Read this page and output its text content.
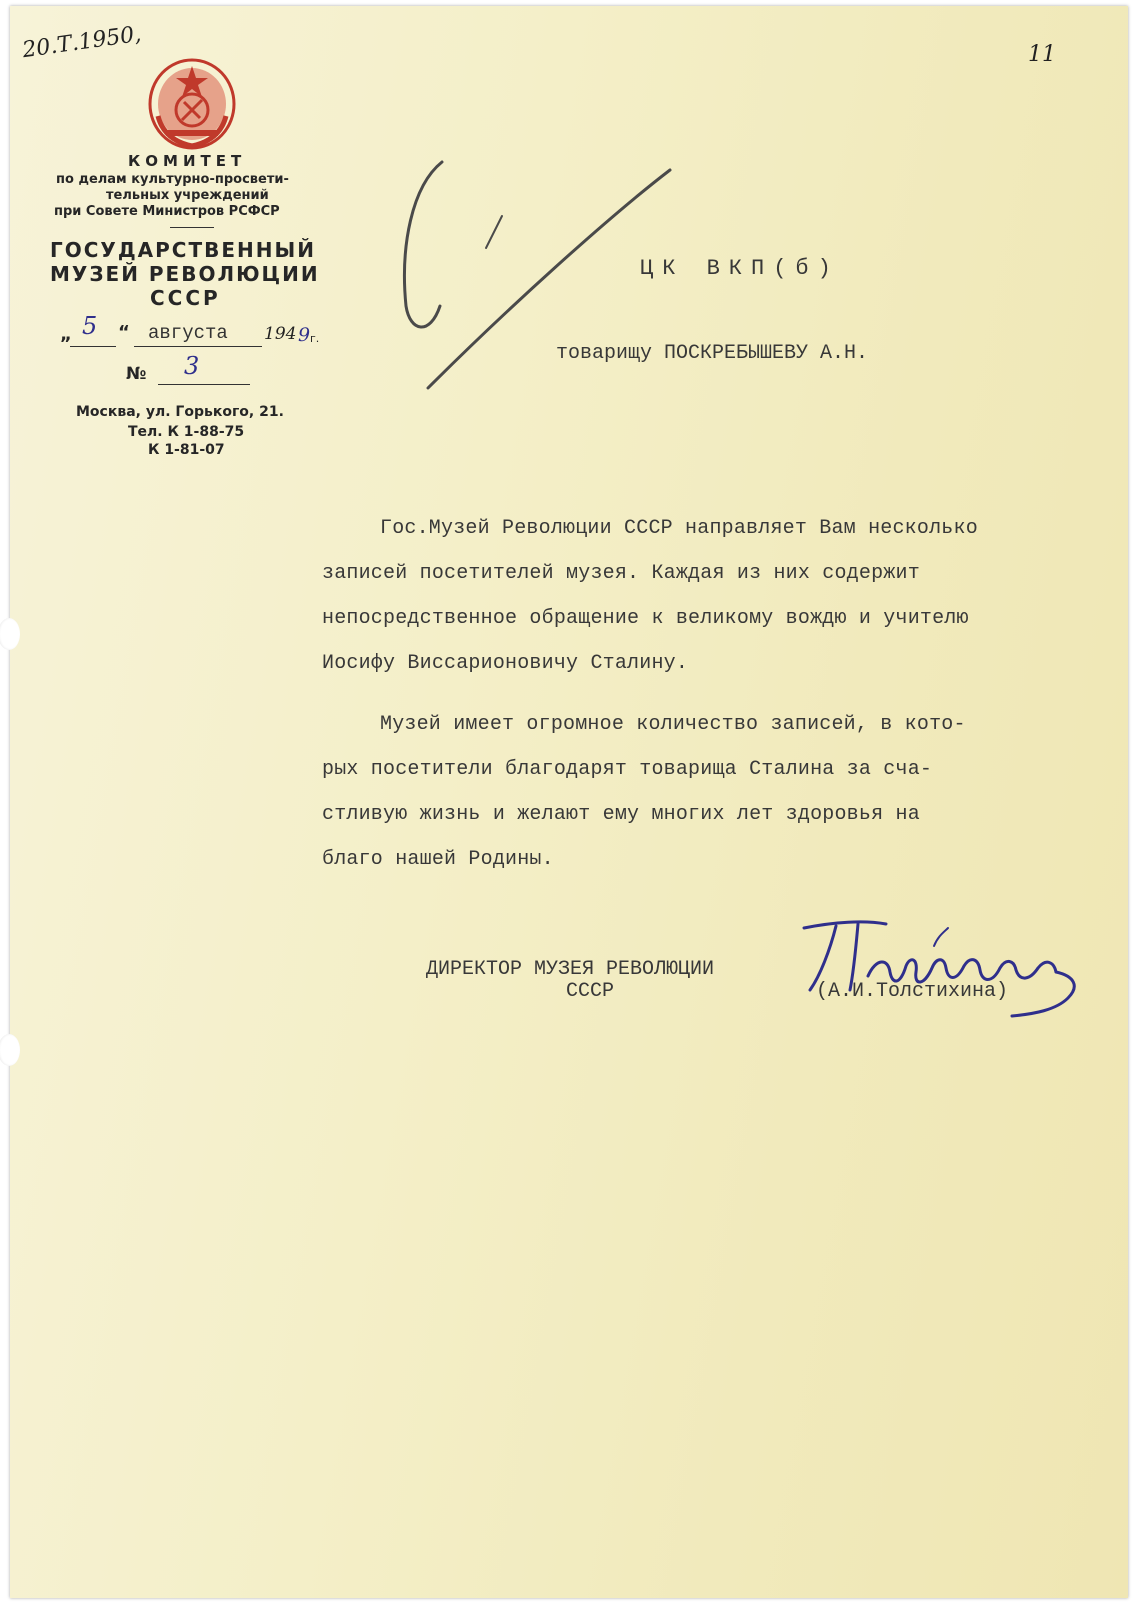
20.Т.1950,	11
КОМИТЕТ
по делам культурно-просвети-
тельных учреждений
при Совете Министров РСФСР
ГОСУДАРСТВЕННЫЙ
МУЗЕЙ РЕВОЛЮЦИИ
СССР
„ 5 “ августа 194 9 г.
№ 3
Москва, ул. Горького, 21.
Тел. К 1-88-75
К 1-81-07
ЦК ВКП(б)
товарищу ПОСКРЕБЫШЕВУ А.Н.
Гос.Музей Революции СССР направляет Вам несколько
записей посетителей музея. Каждая из них содержит
непосредственное обращение к великому вождю и учителю
Иосифу Виссарионовичу Сталину.
Музей имеет огромное количество записей, в кото-
рых посетители благодарят товарища Сталина за сча-
стливую жизнь и желают ему многих лет здоровья на
благо нашей Родины.
ДИРЕКТОР МУЗЕЯ РЕВОЛЮЦИИ
СССР	(А.И.Толстихина)
